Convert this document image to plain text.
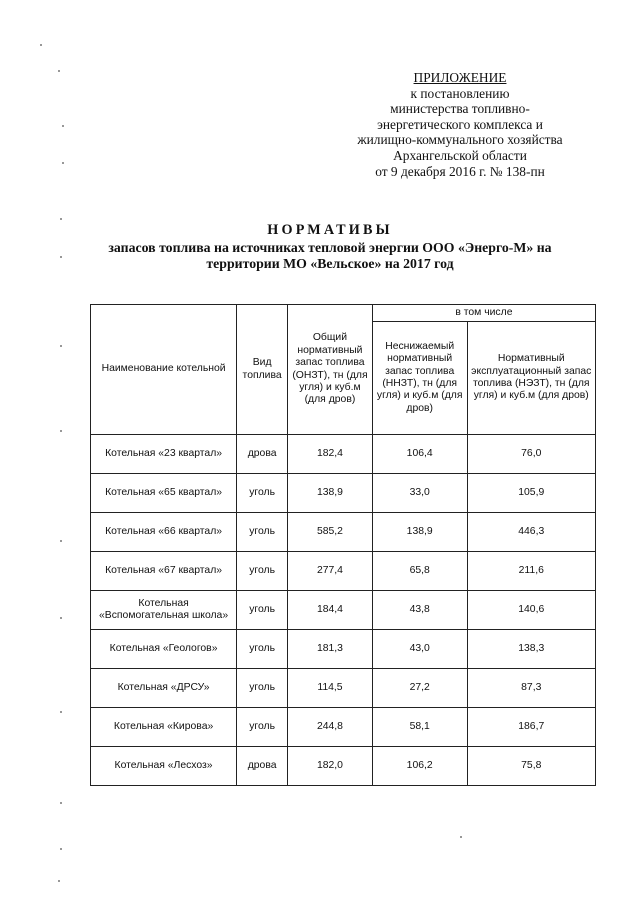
ПРИЛОЖЕНИЕ
к постановлению
министерства топливно-
энергетического комплекса и
жилищно-коммунального хозяйства
Архангельской области
от 9 декабря 2016 г. № 138-пн
НОРМАТИВЫ
запасов топлива на источниках тепловой энергии ООО «Энерго-М» на
территории МО «Вельское» на 2017 год
Наименование котельной	Вид топлива	Общий нормативный запас топлива (ОНЗТ), тн (для угля) и куб.м (для дров)	в том числе	
			Неснижаемый нормативный запас топлива (ННЗТ), тн (для угля) и куб.м (для дров)	Нормативный эксплуатационный запас топлива (НЭЗТ), тн (для угля) и куб.м (для дров)
Котельная «23 квартал»	дрова	182,4	106,4	76,0
Котельная «65 квартал»	уголь	138,9	33,0	105,9
Котельная «66 квартал»	уголь	585,2	138,9	446,3
Котельная «67 квартал»	уголь	277,4	65,8	211,6
Котельная «Вспомогательная школа»	уголь	184,4	43,8	140,6
Котельная «Геологов»	уголь	181,3	43,0	138,3
Котельная «ДРСУ»	уголь	114,5	27,2	87,3
Котельная «Кирова»	уголь	244,8	58,1	186,7
Котельная «Лесхоз»	дрова	182,0	106,2	75,8
